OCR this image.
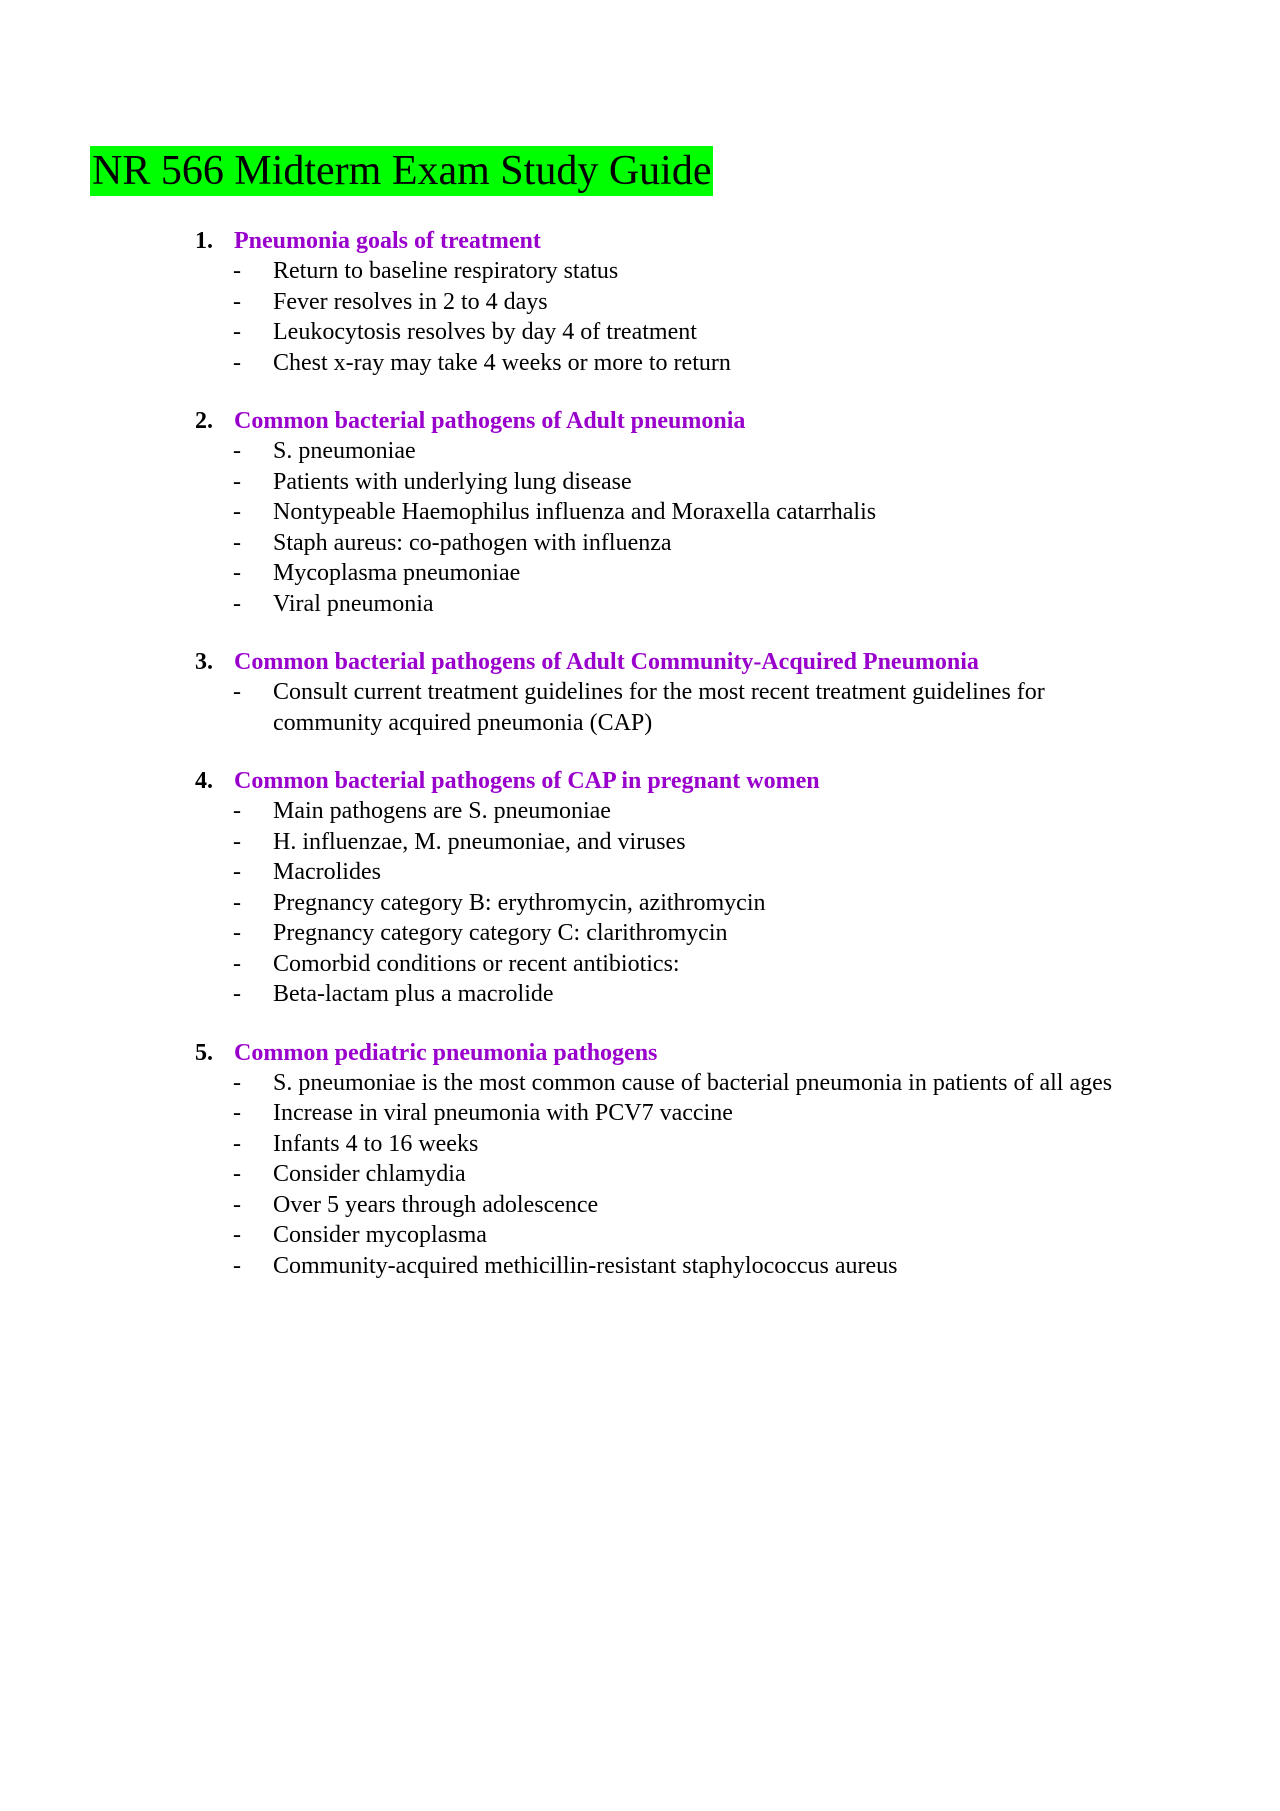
NR 566 Midterm Exam Study Guide
1. Pneumonia goals of treatment
- Return to baseline respiratory status
- Fever resolves in 2 to 4 days
- Leukocytosis resolves by day 4 of treatment
- Chest x-ray may take 4 weeks or more to return
2. Common bacterial pathogens of Adult pneumonia
- S. pneumoniae
- Patients with underlying lung disease
- Nontypeable Haemophilus influenza and Moraxella catarrhalis
- Staph aureus: co-pathogen with influenza
- Mycoplasma pneumoniae
- Viral pneumonia
3. Common bacterial pathogens of Adult Community-Acquired Pneumonia
- Consult current treatment guidelines for the most recent treatment guidelines for community acquired pneumonia (CAP)
4. Common bacterial pathogens of CAP in pregnant women
- Main pathogens are S. pneumoniae
- H. influenzae, M. pneumoniae, and viruses
- Macrolides
- Pregnancy category B: erythromycin, azithromycin
- Pregnancy category category C: clarithromycin
- Comorbid conditions or recent antibiotics:
- Beta-lactam plus a macrolide
5. Common pediatric pneumonia pathogens
- S. pneumoniae is the most common cause of bacterial pneumonia in patients of all ages
- Increase in viral pneumonia with PCV7 vaccine
- Infants 4 to 16 weeks
- Consider chlamydia
- Over 5 years through adolescence
- Consider mycoplasma
- Community-acquired methicillin-resistant staphylococcus aureus
